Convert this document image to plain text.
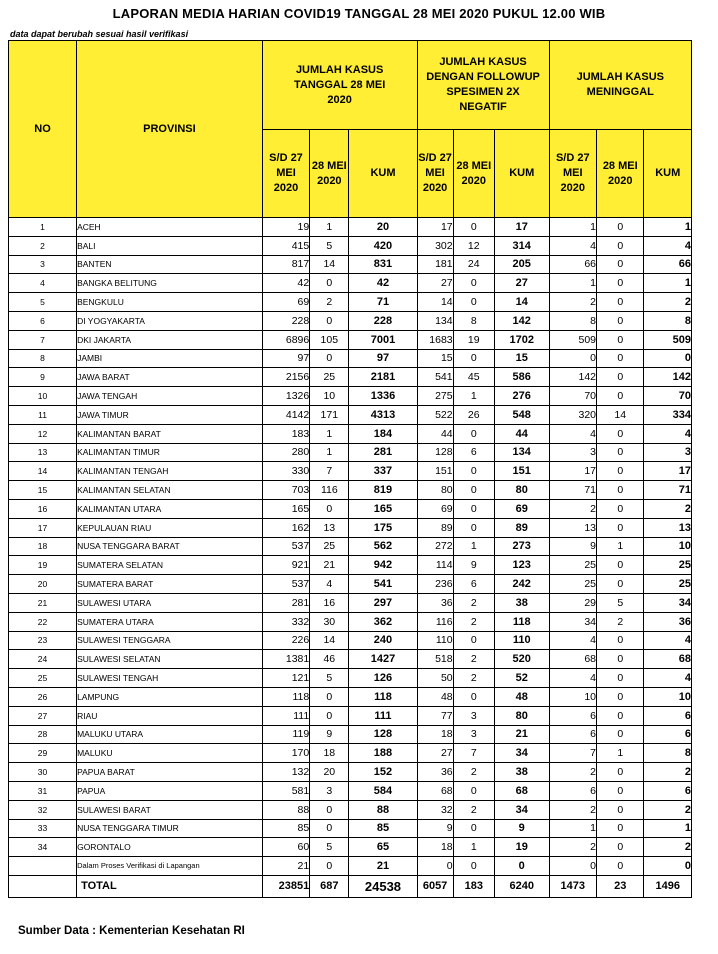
LAPORAN MEDIA HARIAN COVID19 TANGGAL 28 MEI 2020 PUKUL 12.00 WIB
data dapat berubah sesuai hasil verifikasi
NO	PROVINSI	JUMLAH KASUS TANGGAL 28 MEI 2020			JUMLAH KASUS DENGAN FOLLOWUP SPESIMEN 2X NEGATIF			JUMLAH KASUS MENINGGAL		
		S/D 27 MEI 2020	28 MEI 2020	KUM	S/D 27 MEI 2020	28 MEI 2020	KUM	S/D 27 MEI 2020	28 MEI 2020	KUM
1	ACEH	19	1	20	17	0	17	1	0	1
2	BALI	415	5	420	302	12	314	4	0	4
3	BANTEN	817	14	831	181	24	205	66	0	66
4	BANGKA BELITUNG	42	0	42	27	0	27	1	0	1
5	BENGKULU	69	2	71	14	0	14	2	0	2
6	DI YOGYAKARTA	228	0	228	134	8	142	8	0	8
7	DKI JAKARTA	6896	105	7001	1683	19	1702	509	0	509
8	JAMBI	97	0	97	15	0	15	0	0	0
9	JAWA BARAT	2156	25	2181	541	45	586	142	0	142
10	JAWA TENGAH	1326	10	1336	275	1	276	70	0	70
11	JAWA TIMUR	4142	171	4313	522	26	548	320	14	334
12	KALIMANTAN BARAT	183	1	184	44	0	44	4	0	4
13	KALIMANTAN TIMUR	280	1	281	128	6	134	3	0	3
14	KALIMANTAN TENGAH	330	7	337	151	0	151	17	0	17
15	KALIMANTAN SELATAN	703	116	819	80	0	80	71	0	71
16	KALIMANTAN UTARA	165	0	165	69	0	69	2	0	2
17	KEPULAUAN RIAU	162	13	175	89	0	89	13	0	13
18	NUSA TENGGARA BARAT	537	25	562	272	1	273	9	1	10
19	SUMATERA SELATAN	921	21	942	114	9	123	25	0	25
20	SUMATERA BARAT	537	4	541	236	6	242	25	0	25
21	SULAWESI UTARA	281	16	297	36	2	38	29	5	34
22	SUMATERA UTARA	332	30	362	116	2	118	34	2	36
23	SULAWESI TENGGARA	226	14	240	110	0	110	4	0	4
24	SULAWESI SELATAN	1381	46	1427	518	2	520	68	0	68
25	SULAWESI TENGAH	121	5	126	50	2	52	4	0	4
26	LAMPUNG	118	0	118	48	0	48	10	0	10
27	RIAU	111	0	111	77	3	80	6	0	6
28	MALUKU UTARA	119	9	128	18	3	21	6	0	6
29	MALUKU	170	18	188	27	7	34	7	1	8
30	PAPUA BARAT	132	20	152	36	2	38	2	0	2
31	PAPUA	581	3	584	68	0	68	6	0	6
32	SULAWESI BARAT	88	0	88	32	2	34	2	0	2
33	NUSA TENGGARA TIMUR	85	0	85	9	0	9	1	0	1
34	GORONTALO	60	5	65	18	1	19	2	0	2
	Dalam Proses Verifikasi di Lapangan	21	0	21	0	0	0	0	0	0
	TOTAL	23851	687	24538	6057	183	6240	1473	23	1496
Sumber Data : Kementerian Kesehatan RI
